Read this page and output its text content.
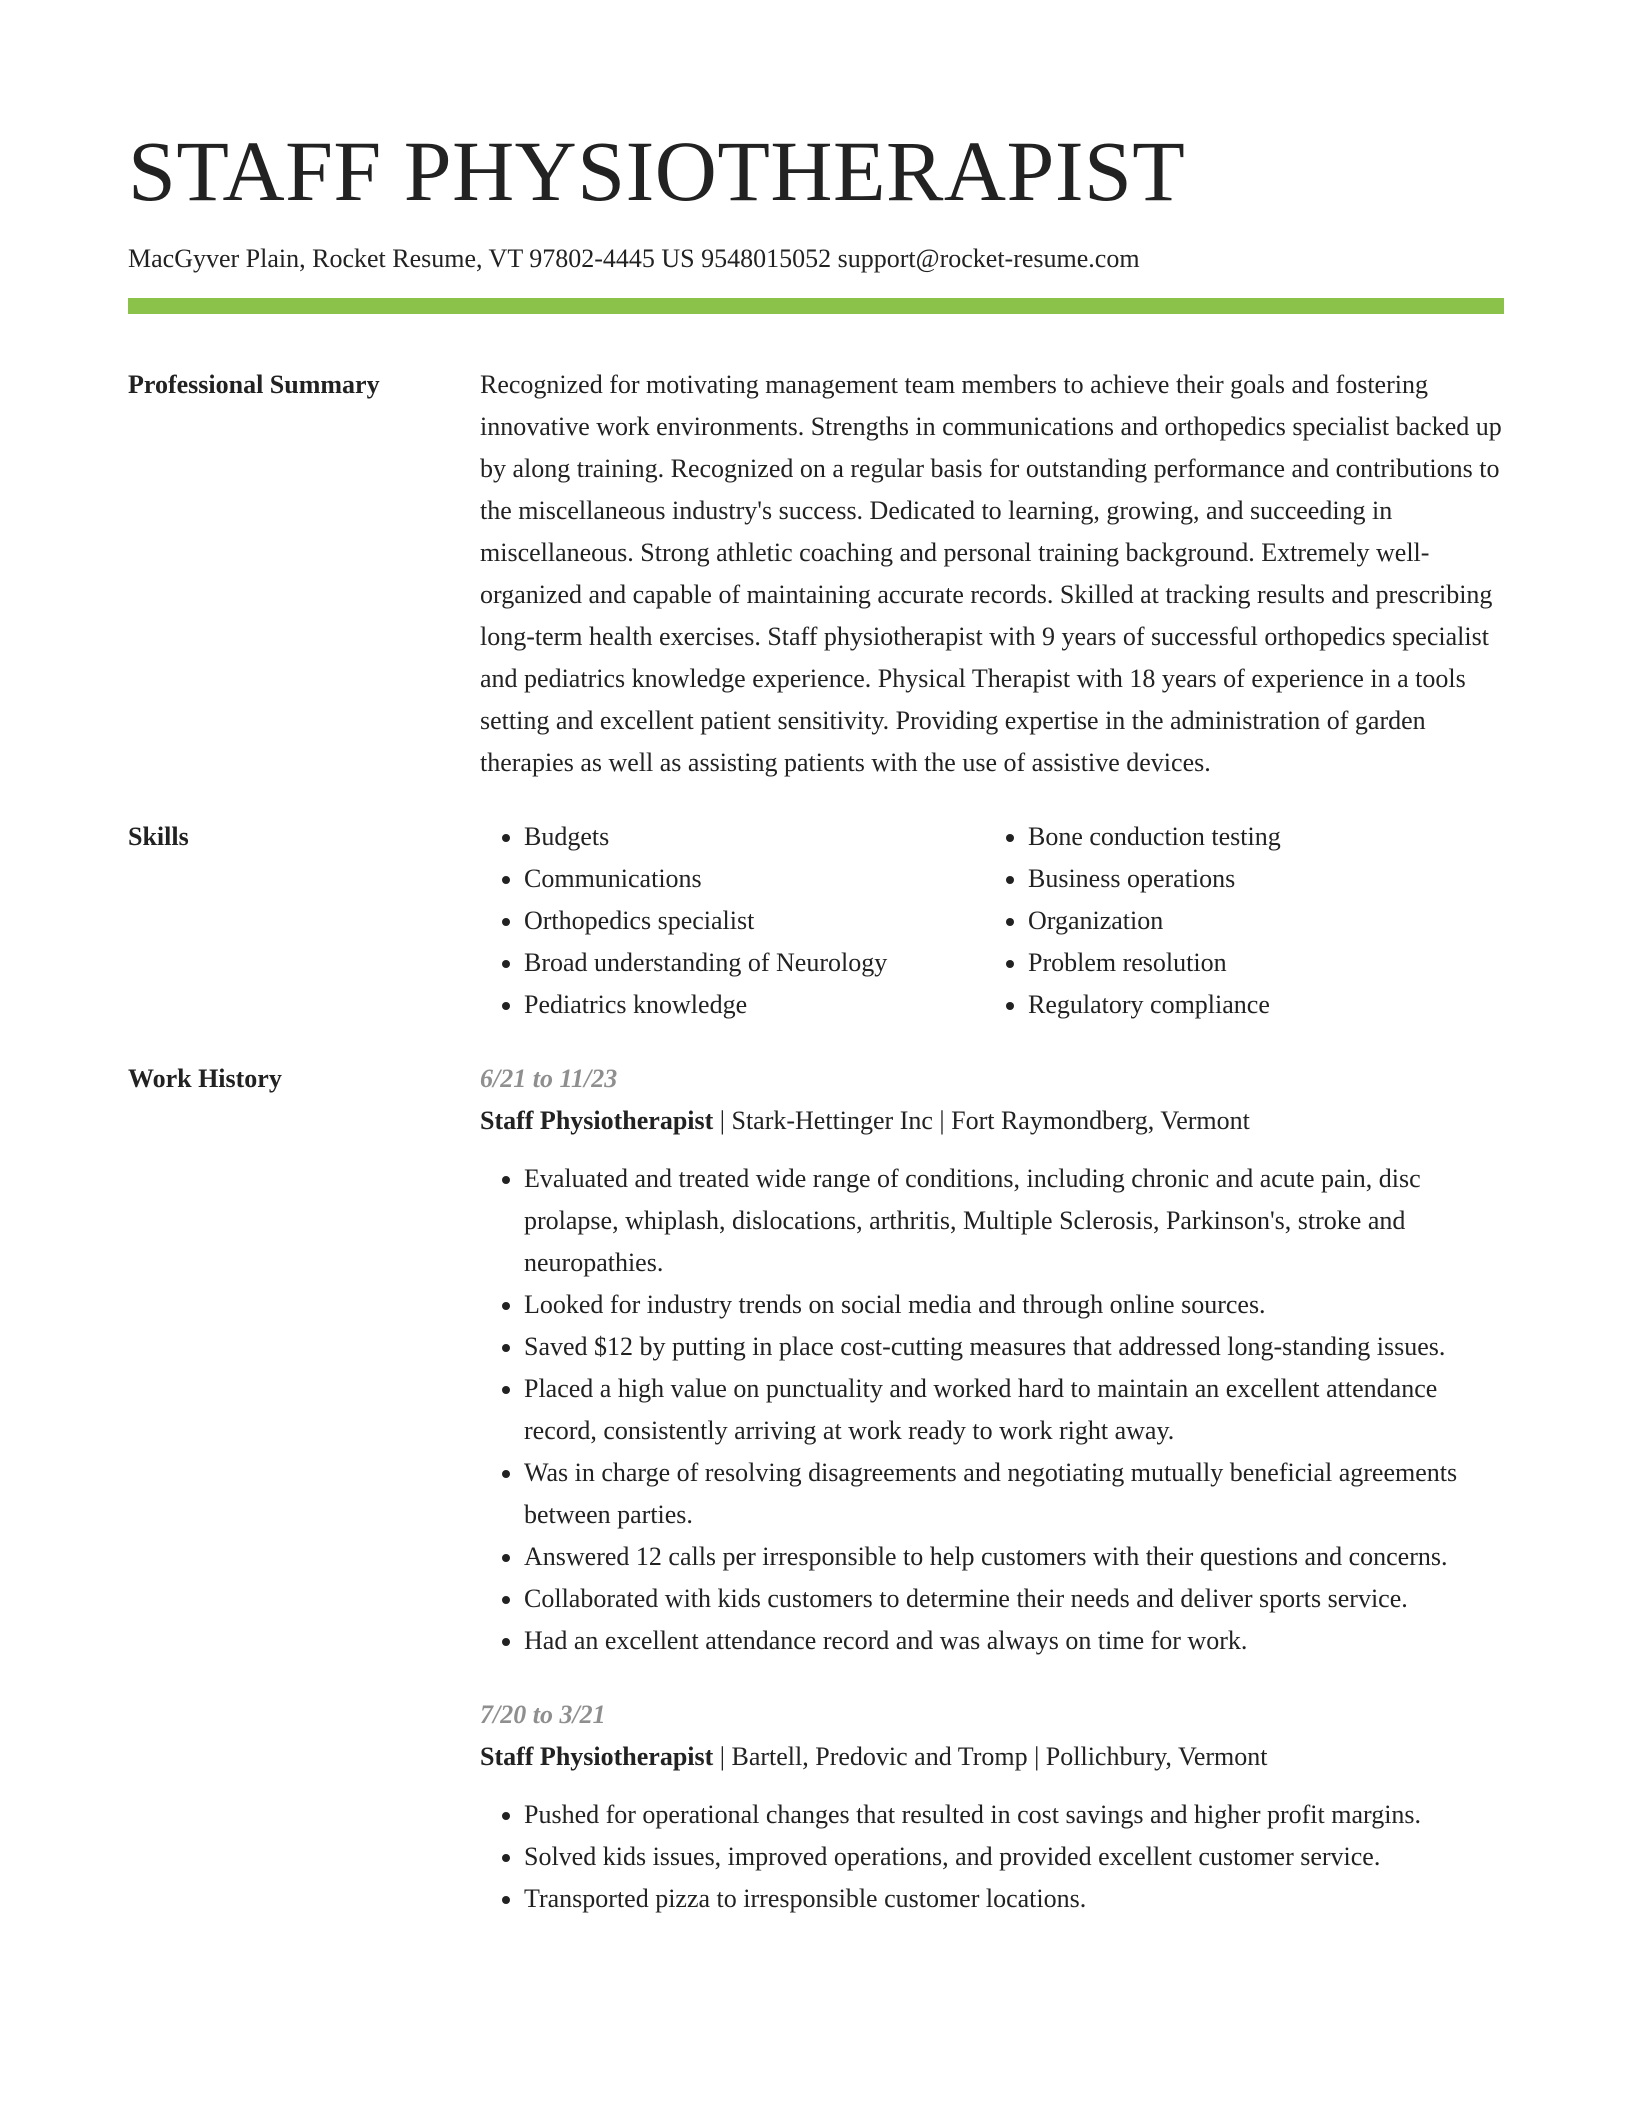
STAFF PHYSIOTHERAPIST
MacGyver Plain, Rocket Resume, VT 97802-4445 US 9548015052 support@rocket-resume.com
Professional Summary	Recognized for motivating management team members to achieve their goals and fostering innovative work environments. Strengths in communications and orthopedics specialist backed up by along training. Recognized on a regular basis for outstanding performance and contributions to the miscellaneous industry's success. Dedicated to learning, growing, and succeeding in miscellaneous. Strong athletic coaching and personal training background. Extremely well-organized and capable of maintaining accurate records. Skilled at tracking results and prescribing long-term health exercises. Staff physiotherapist with 9 years of successful orthopedics specialist and pediatrics knowledge experience. Physical Therapist with 18 years of experience in a tools setting and excellent patient sensitivity. Providing expertise in the administration of garden therapies as well as assisting patients with the use of assistive devices.
Skills
•	Budgets
• Communications
• Orthopedics specialist
• Broad understanding of Neurology
• Pediatrics knowledge
• Bone conduction testing
• Business operations
• Organization
• Problem resolution
• Regulatory compliance
Work History	6/21 to 11/23
Staff Physiotherapist | Stark-Hettinger Inc | Fort Raymondberg, Vermont
• Evaluated and treated wide range of conditions, including chronic and acute pain, disc prolapse, whiplash, dislocations, arthritis, Multiple Sclerosis, Parkinson's, stroke and neuropathies.
• Looked for industry trends on social media and through online sources.
• Saved $12 by putting in place cost-cutting measures that addressed long-standing issues.
• Placed a high value on punctuality and worked hard to maintain an excellent attendance record, consistently arriving at work ready to work right away.
• Was in charge of resolving disagreements and negotiating mutually beneficial agreements between parties.
• Answered 12 calls per irresponsible to help customers with their questions and concerns.
• Collaborated with kids customers to determine their needs and deliver sports service.
• Had an excellent attendance record and was always on time for work.
7/20 to 3/21
Staff Physiotherapist | Bartell, Predovic and Tromp | Pollichbury, Vermont
• Pushed for operational changes that resulted in cost savings and higher profit margins.
• Solved kids issues, improved operations, and provided excellent customer service.
• Transported pizza to irresponsible customer locations.
